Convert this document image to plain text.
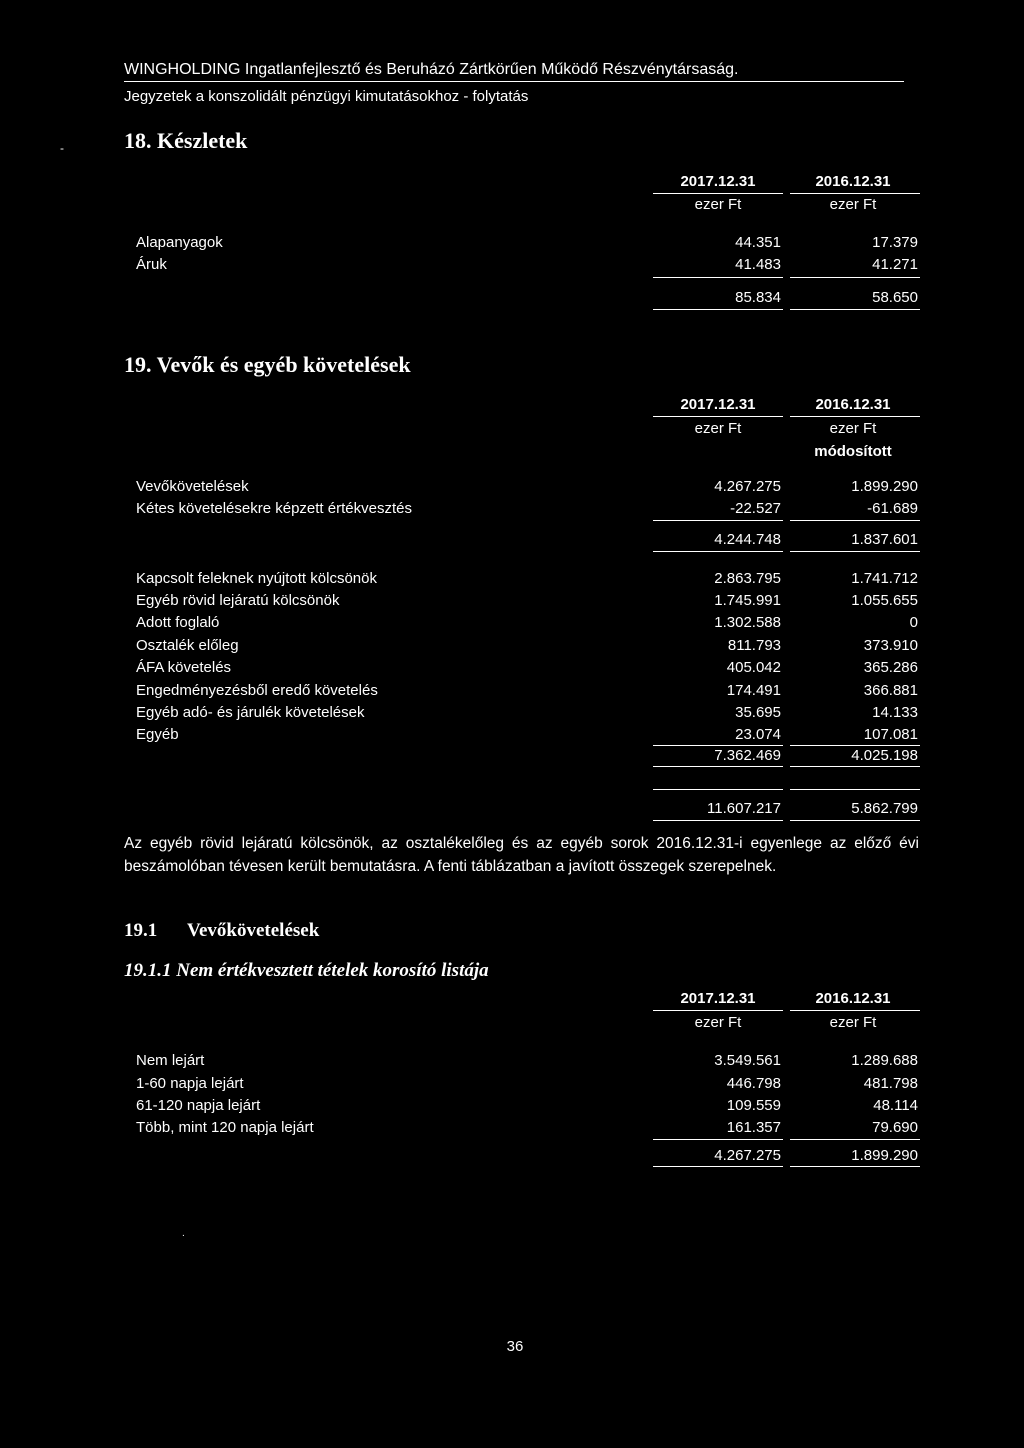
WINGHOLDING Ingatlanfejlesztő és Beruházó Zártkörűen Működő Részvénytársaság.
Jegyzetek a konszolidált pénzügyi kimutatásokhoz - folytatás
-	18. Készletek
2017.12.31	2016.12.31
ezer Ft	ezer Ft
Alapanyagok	44.351	17.379
Áruk	41.483	41.271
85.834	58.650
19. Vevők és egyéb követelések
2017.12.31	2016.12.31
ezer Ft	ezer Ft
módosított
Vevőkövetelések	4.267.275	1.899.290
Kétes követelésekre képzett értékvesztés	-22.527	-61.689
4.244.748	1.837.601
Kapcsolt feleknek nyújtott kölcsönök	2.863.795	1.741.712
Egyéb rövid lejáratú kölcsönök	1.745.991	1.055.655
Adott foglaló	1.302.588	0
Osztalék előleg	811.793	373.910
ÁFA követelés	405.042	365.286
Engedményezésből eredő követelés	174.491	366.881
Egyéb adó- és járulék követelések	35.695	14.133
Egyéb	23.074	107.081
7.362.469	4.025.198
11.607.217	5.862.799
Az egyéb rövid lejáratú kölcsönök, az osztalékelőleg és az egyéb sorok 2016.12.31-i egyenlege az előző évi beszámolóban tévesen került bemutatásra. A fenti táblázatban a javított összegek szerepelnek.
19.1 Vevőkövetelések
19.1.1 Nem értékvesztett tételek korosító listája
2017.12.31	2016.12.31
ezer Ft	ezer Ft
Nem lejárt	3.549.561	1.289.688
1-60 napja lejárt	446.798	481.798
61-120 napja lejárt	109.559	48.114
Több, mint 120 napja lejárt	161.357	79.690
4.267.275	1.899.290
.
36
